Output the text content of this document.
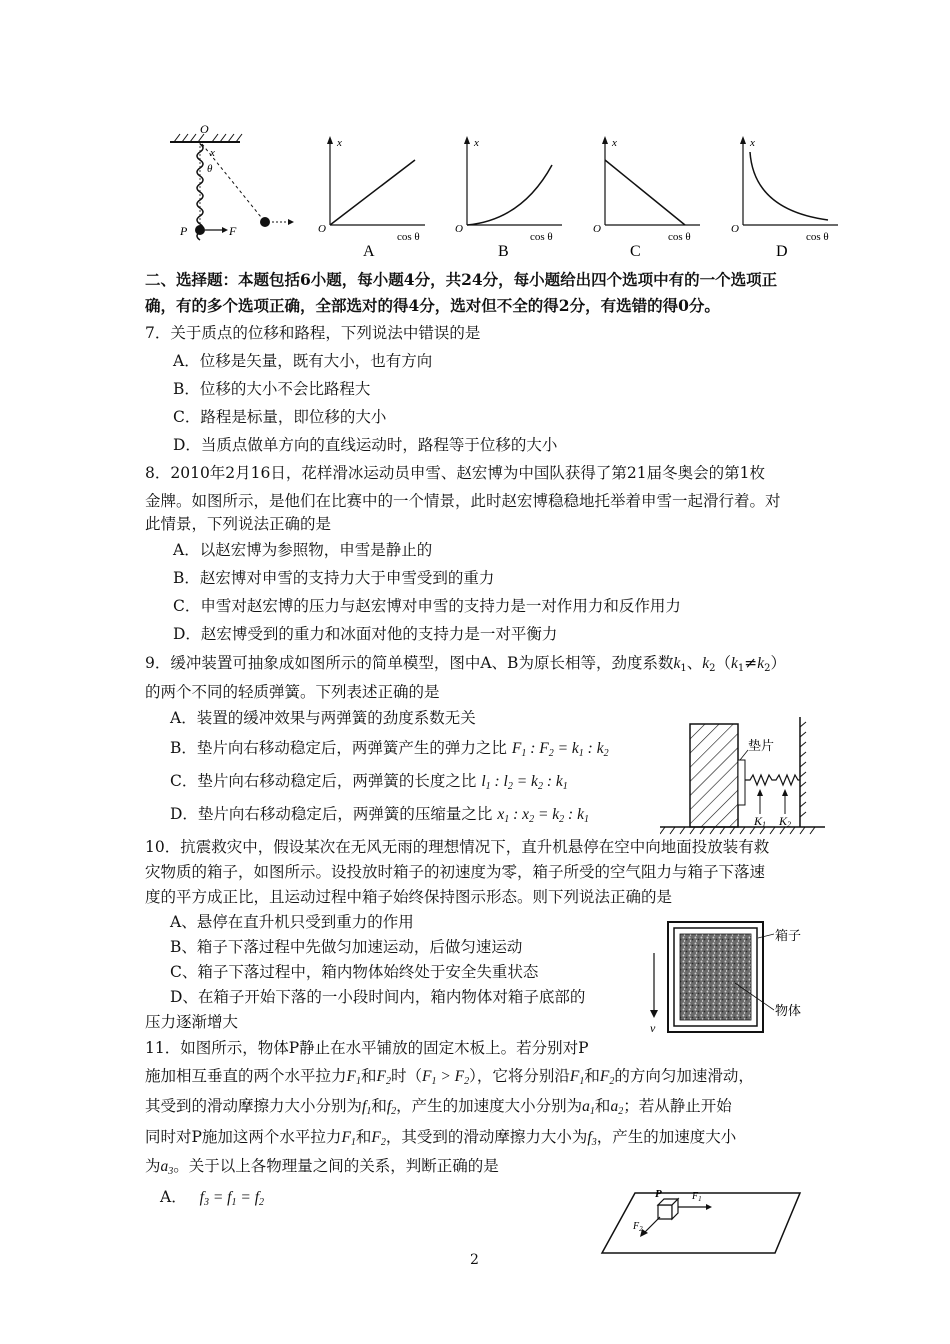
O
x
θ
P	F
x
O
cos θ
A
x
O
cos θ
B
x
O
cos θ
C
x
O
cos θ
D
二、选择题：本题包括6小题，每小题4分，共24分，每小题给出四个选项中有的一个选项正
确，有的多个选项正确，全部选对的得4分，选对但不全的得2分，有选错的得0分。
7．关于质点的位移和路程，下列说法中错误的是
A．位移是矢量，既有大小，也有方向
B．位移的大小不会比路程大
C．路程是标量，即位移的大小
D．当质点做单方向的直线运动时，路程等于位移的大小
8．2010年2月16日，花样滑冰运动员申雪、赵宏博为中国队获得了第21届冬奥会的第1枚
金牌。如图所示，是他们在比赛中的一个情景，此时赵宏博稳稳地托举着申雪一起滑行着。对
此情景，下列说法正确的是
A．以赵宏博为参照物，申雪是静止的
B．赵宏博对申雪的支持力大于申雪受到的重力
C．申雪对赵宏博的压力与赵宏博对申雪的支持力是一对作用力和反作用力
D．赵宏博受到的重力和冰面对他的支持力是一对平衡力
9．缓冲装置可抽象成如图所示的简单模型，图中A、B为原长相等，劲度系数$k_1$、$k_2(k_1\ne k_2)$
的两个不同的轻质弹簧。下列表述正确的是
A．装置的缓冲效果与两弹簧的劲度系数无关
B．垫片向右移动稳定后，两弹簧产生的弹力之比 $F_1$ : $F_2 = k_1$ : $k_2$
C．垫片向右移动稳定后，两弹簧的长度之比 $l_1$ : $l_2 = k_2$ : $k_1$
D．垫片向右移动稳定后，两弹簧的压缩量之比 $x_1$ : $x_2 = k_2$ : $k_1$
垫片
K1 K2
10．抗震救灾中，假设某次在无风无雨的理想情况下，直升机悬停在空中向地面投放装有救
灾物质的箱子，如图所示。设投放时箱子的初速度为零，箱子所受的空气阻力与箱子下落速
度的平方成正比，且运动过程中箱子始终保持图示形态。则下列说法正确的是
A、悬停在直升机只受到重力的作用
B、箱子下落过程中先做匀加速运动，后做匀速运动
C、箱子下落过程中，箱内物体始终处于安全失重状态
D、在箱子开始下落的一小段时间内，箱内物体对箱子底部的
压力逐渐增大	v
箱子
物体
11．如图所示，物体P静止在水平铺放的固定木板上。若分别对P
施加相互垂直的两个水平拉力$F_1$和$F_2$时$(F_1 > F_2)$，它将分别沿$F_1$和$F_2$的方向匀加速滑动，
其受到的滑动摩擦力大小分别为$f_1$和$f_2$，产生的加速度大小分别为$a_1$和$a_2$；若从静止开始
同时对P施加这两个水平拉力$F_1$和$F_2$，其受到的滑动摩擦力大小为$f_3$，产生的加速度大小
为$a_3$。关于以上各物理量之间的关系，判断正确的是
A． $f_3 = f_1 = f_2$
P	$F_1$
$F_2$
2
